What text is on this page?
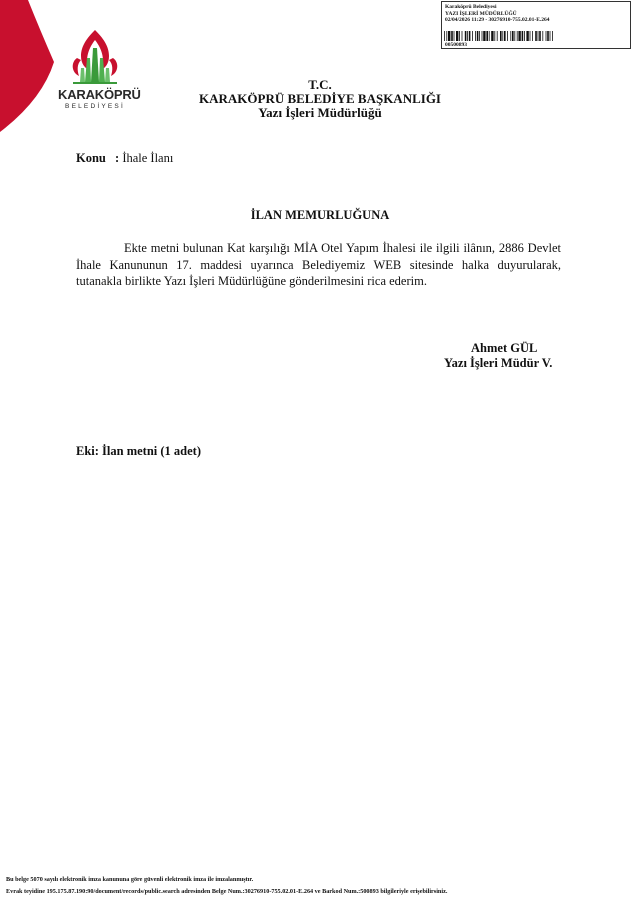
KARAKÖPRÜ
BELEDİYESİ
Karaköprü Belediyesi
YAZI İŞLERİ MÜDÜRLÜĞÜ
02/04/2026 11:29 - 30276910-755.02.01-E.264
00500893
T.C.
KARAKÖPRÜ BELEDİYE BAŞKANLIĞI
Yazı İşleri Müdürlüğü
Konu : İhale İlanı
İLAN MEMURLUĞUNA

Ekte metni bulunan Kat karşılığı MİA Otel Yapım İhalesi ile ilgili ilânın, 2886 Devlet İhale Kanununun 17. maddesi uyarınca Belediyemiz WEB sitesinde halka duyurularak, tutanakla birlikte Yazı İşleri Müdürlüğüne gönderilmesini rica ederim.

Ahmet GÜL
Yazı İşleri Müdür V.
Eki: İlan metni (1 adet)
Bu belge 5070 sayılı elektronik imza kanununa göre güvenli elektronik imza ile imzalanmıştır.
Evrak teyidine 195.175.87.190:90/document/records/public.search adresinden Belge Num.:30276910-755.02.01-E.264 ve Barkod Num.:500893 bilgileriyle erişebilirsiniz.
